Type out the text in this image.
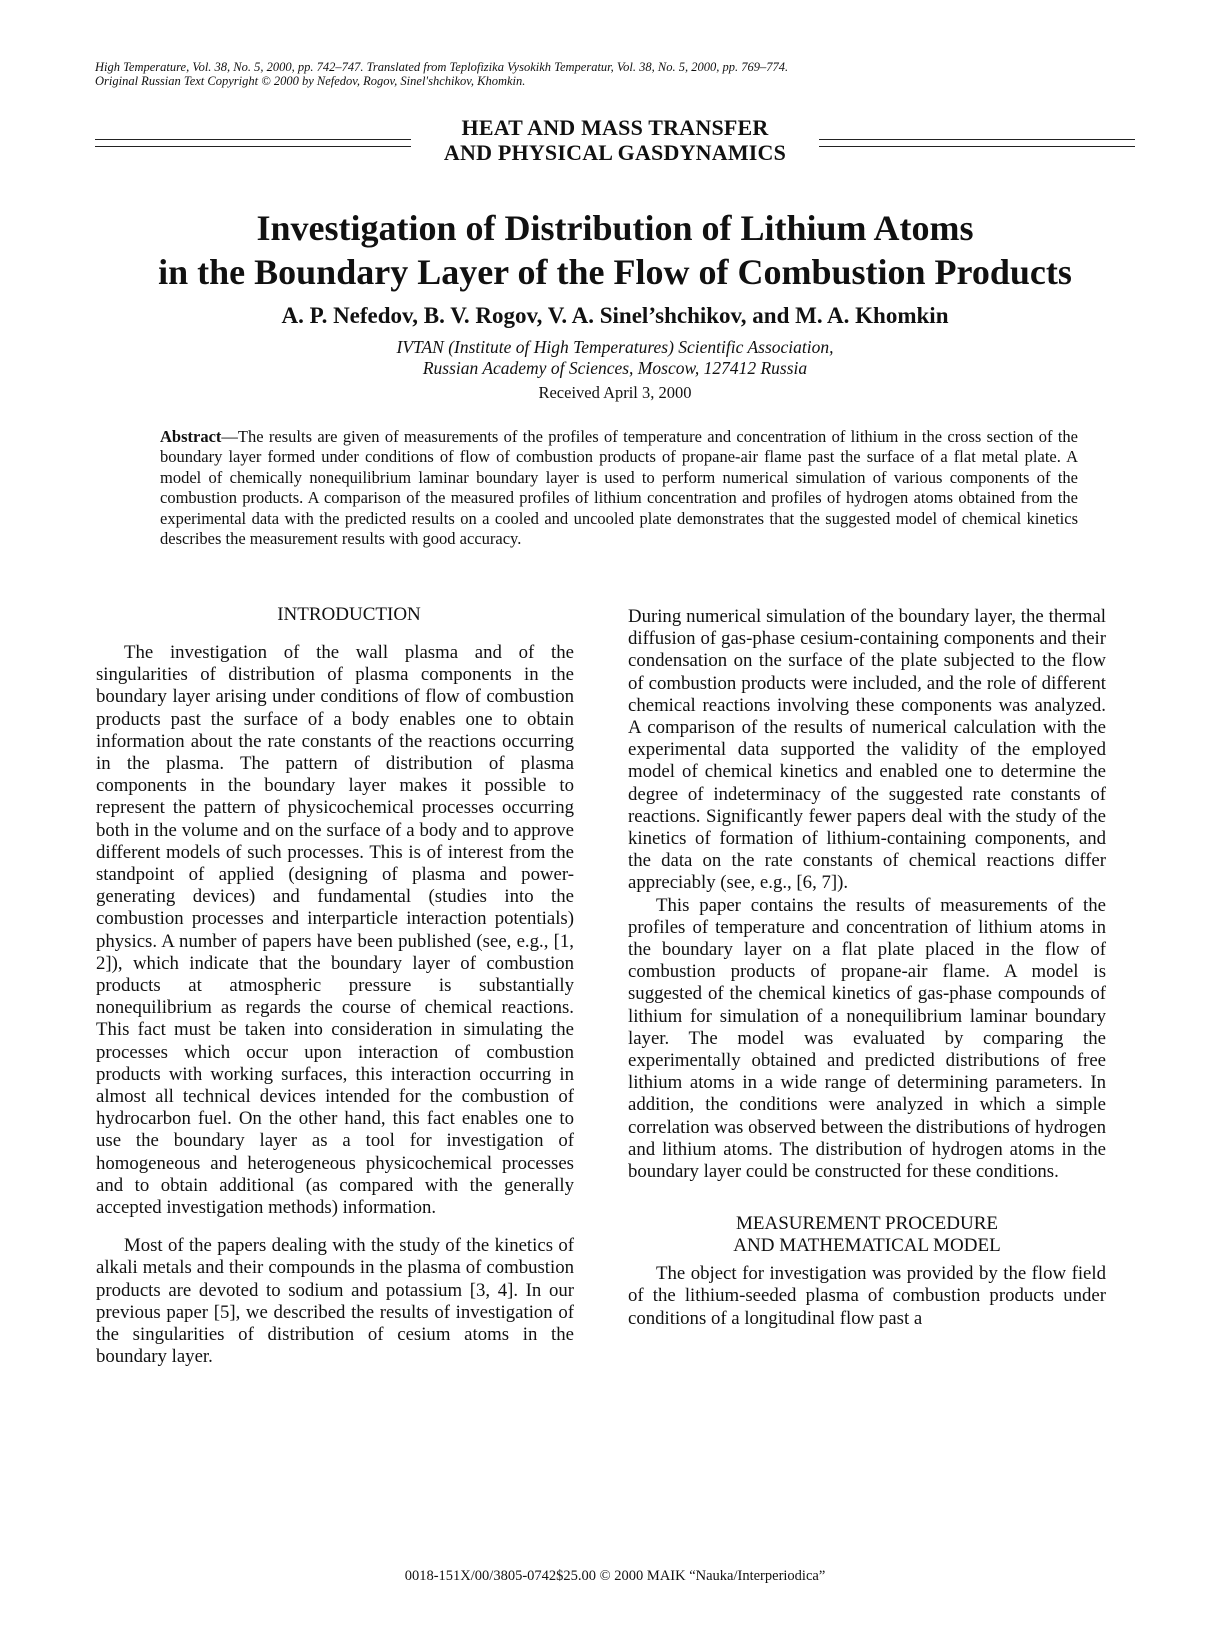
High Temperature, Vol. 38, No. 5, 2000, pp. 742–747. Translated from Teplofizika Vysokikh Temperatur, Vol. 38, No. 5, 2000, pp. 769–774.
Original Russian Text Copyright © 2000 by Nefedov, Rogov, Sinel'shchikov, Khomkin.
HEAT AND MASS TRANSFER
AND PHYSICAL GASDYNAMICS
Investigation of Distribution of Lithium Atoms
in the Boundary Layer of the Flow of Combustion Products
A. P. Nefedov, B. V. Rogov, V. A. Sinel’shchikov, and M. A. Khomkin
IVTAN (Institute of High Temperatures) Scientific Association,
Russian Academy of Sciences, Moscow, 127412 Russia
Received April 3, 2000
Abstract—The results are given of measurements of the profiles of temperature and concentration of lithium in the cross section of the boundary layer formed under conditions of flow of combustion products of propane-air flame past the surface of a flat metal plate. A model of chemically nonequilibrium laminar boundary layer is used to perform numerical simulation of various components of the combustion products. A comparison of the measured profiles of lithium concentration and profiles of hydrogen atoms obtained from the experimental data with the predicted results on a cooled and uncooled plate demonstrates that the suggested model of chemical kinetics describes the measurement results with good accuracy.

INTRODUCTION

The investigation of the wall plasma and of the singularities of distribution of plasma components in the boundary layer arising under conditions of flow of combustion products past the surface of a body enables one to obtain information about the rate constants of the reactions occurring in the plasma. The pattern of distribution of plasma components in the boundary layer makes it possible to represent the pattern of physicochemical processes occurring both in the volume and on the surface of a body and to approve different models of such processes. This is of interest from the standpoint of applied (designing of plasma and power-generating devices) and fundamental (studies into the combustion processes and interparticle interaction potentials) physics. A number of papers have been published (see, e.g., [1, 2]), which indicate that the boundary layer of combustion products at atmospheric pressure is substantially nonequilibrium as regards the course of chemical reactions. This fact must be taken into consideration in simulating the processes which occur upon interaction of combustion products with working surfaces, this interaction occurring in almost all technical devices intended for the combustion of hydrocarbon fuel. On the other hand, this fact enables one to use the boundary layer as a tool for investigation of homogeneous and heterogeneous physicochemical processes and to obtain additional (as compared with the generally accepted investigation methods) information.

Most of the papers dealing with the study of the kinetics of alkali metals and their compounds in the plasma of combustion products are devoted to sodium and potassium [3, 4]. In our previous paper [5], we described the results of investigation of the singularities of distribution of cesium atoms in the boundary layer.

During numerical simulation of the boundary layer, the thermal diffusion of gas-phase cesium-containing components and their condensation on the surface of the plate subjected to the flow of combustion products were included, and the role of different chemical reactions involving these components was analyzed. A comparison of the results of numerical calculation with the experimental data supported the validity of the employed model of chemical kinetics and enabled one to determine the degree of indeterminacy of the suggested rate constants of reactions. Significantly fewer papers deal with the study of the kinetics of formation of lithium-containing components, and the data on the rate constants of chemical reactions differ appreciably (see, e.g., [6, 7]).

This paper contains the results of measurements of the profiles of temperature and concentration of lithium atoms in the boundary layer on a flat plate placed in the flow of combustion products of propane-air flame. A model is suggested of the chemical kinetics of gas-phase compounds of lithium for simulation of a nonequilibrium laminar boundary layer. The model was evaluated by comparing the experimentally obtained and predicted distributions of free lithium atoms in a wide range of determining parameters. In addition, the conditions were analyzed in which a simple correlation was observed between the distributions of hydrogen and lithium atoms. The distribution of hydrogen atoms in the boundary layer could be constructed for these conditions.

MEASUREMENT PROCEDURE
AND MATHEMATICAL MODEL

The object for investigation was provided by the flow field of the lithium-seeded plasma of combustion products under conditions of a longitudinal flow past a

0018-151X/00/3805-0742$25.00 © 2000 MAIK “Nauka/Interperiodica”
